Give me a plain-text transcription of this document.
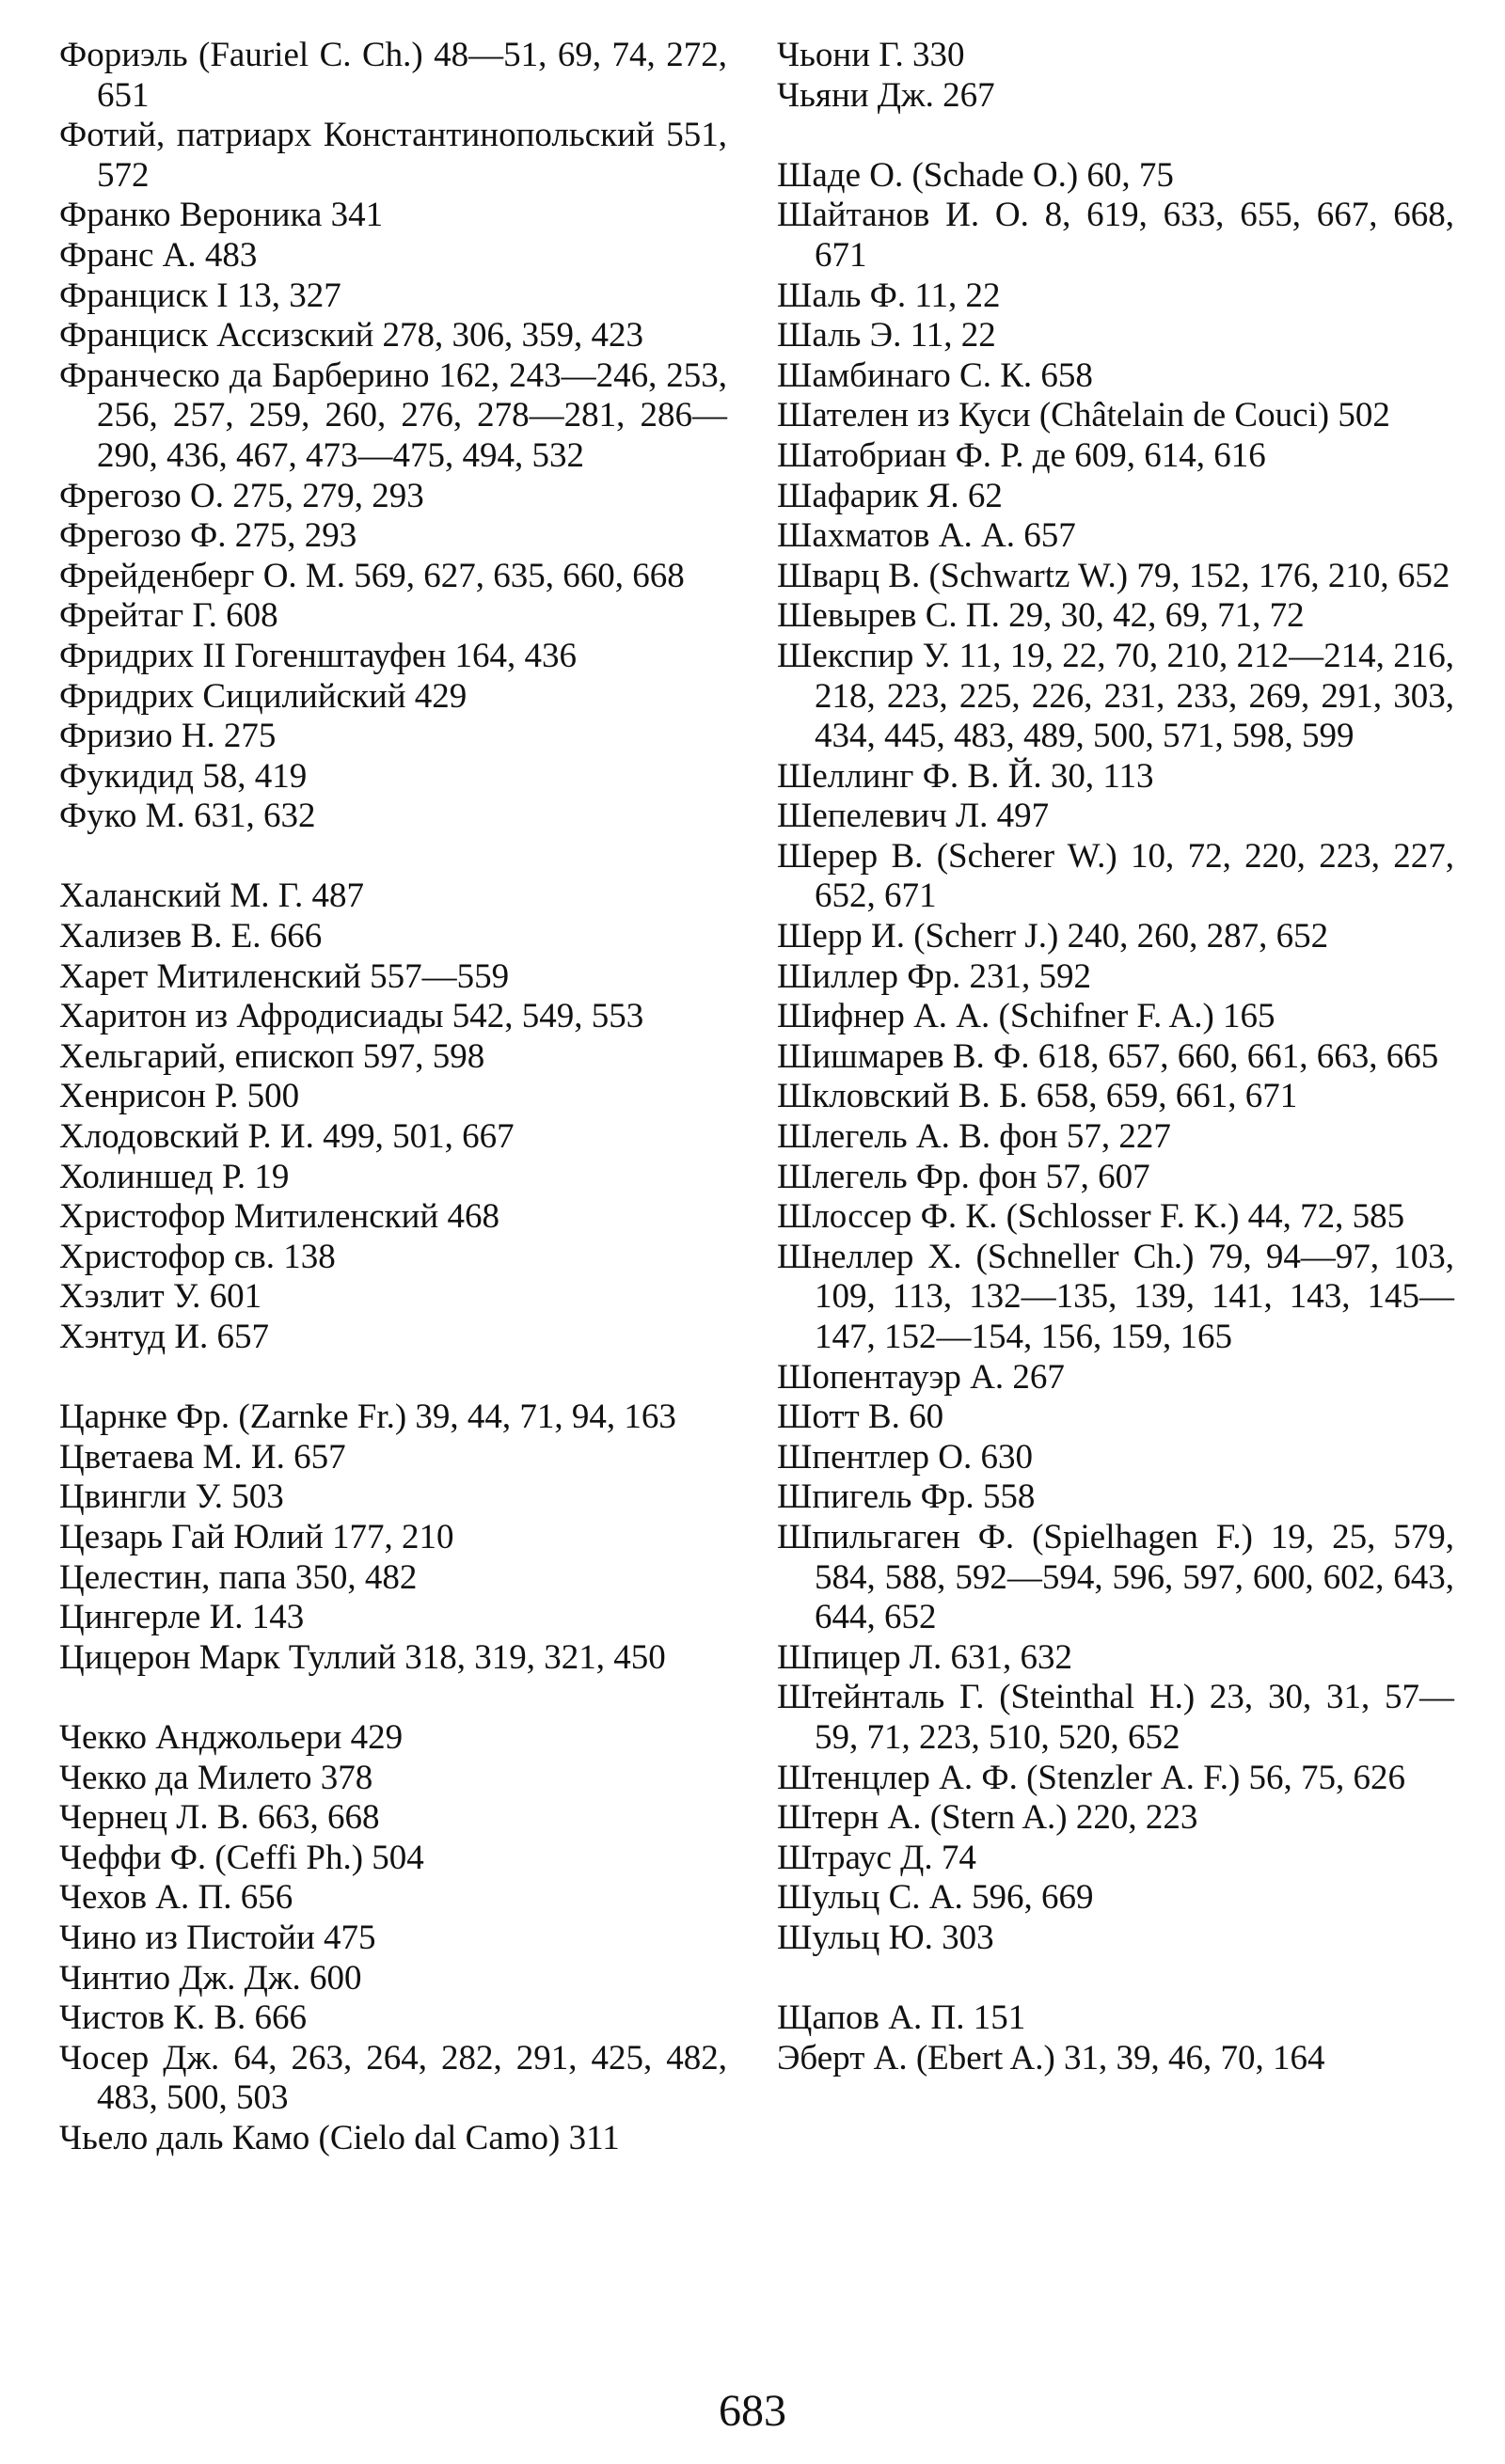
Фориэль (Fauriel C. Ch.) 48—51, 69, 74, 272, 651
Фотий, патриарх Константинопольский 551, 572
Франко Вероника 341
Франс А. 483
Франциск I 13, 327
Франциск Ассизский 278, 306, 359, 423
Франческо да Барберино 162, 243—246, 253, 256, 257, 259, 260, 276, 278—281, 286—290, 436, 467, 473—475, 494, 532
Фрегозо О. 275, 279, 293
Фрегозо Ф. 275, 293
Фрейденберг О. М. 569, 627, 635, 660, 668
Фрейтаг Г. 608
Фридрих II Гогенштауфен 164, 436
Фридрих Сицилийский 429
Фризио Н. 275
Фукидид 58, 419
Фуко М. 631, 632
Халанский М. Г. 487
Хализев В. Е. 666
Харет Митиленский 557—559
Харитон из Афродисиады 542, 549, 553
Хельгарий, епископ 597, 598
Хенрисон Р. 500
Хлодовский Р. И. 499, 501, 667
Холиншед Р. 19
Христофор Митиленский 468
Христофор св. 138
Хэзлит У. 601
Хэнтуд И. 657
Царнке Фр. (Zarnke Fr.) 39, 44, 71, 94, 163
Цветаева М. И. 657
Цвингли У. 503
Цезарь Гай Юлий 177, 210
Целестин, папа 350, 482
Цингерле И. 143
Цицерон Марк Туллий 318, 319, 321, 450
Чекко Анджольери 429
Чекко да Милето 378
Чернец Л. В. 663, 668
Чеффи Ф. (Ceffi Ph.) 504
Чехов А. П. 656
Чино из Пистойи 475
Чинтио Дж. Дж. 600
Чистов К. В. 666
Чосер Дж. 64, 263, 264, 282, 291, 425, 482, 483, 500, 503
Чьело даль Камо (Cielo dal Camo) 311
Чьони Г. 330
Чьяни Дж. 267
Шаде О. (Schade О.) 60, 75
Шайтанов И. О. 8, 619, 633, 655, 667, 668, 671
Шаль Ф. 11, 22
Шаль Э. 11, 22
Шамбинаго С. К. 658
Шателен из Куси (Châtelain de Couci) 502
Шатобриан Ф. Р. де 609, 614, 616
Шафарик Я. 62
Шахматов А. А. 657
Шварц В. (Schwartz W.) 79, 152, 176, 210, 652
Шевырев С. П. 29, 30, 42, 69, 71, 72
Шекспир У. 11, 19, 22, 70, 210, 212—214, 216, 218, 223, 225, 226, 231, 233, 269, 291, 303, 434, 445, 483, 489, 500, 571, 598, 599
Шеллинг Ф. В. Й. 30, 113
Шепелевич Л. 497
Шерер В. (Scherer W.) 10, 72, 220, 223, 227, 652, 671
Шерр И. (Scherr J.) 240, 260, 287, 652
Шиллер Фр. 231, 592
Шифнер А. А. (Schifner F. A.) 165
Шишмарев В. Ф. 618, 657, 660, 661, 663, 665
Шкловский В. Б. 658, 659, 661, 671
Шлегель А. В. фон 57, 227
Шлегель Фр. фон 57, 607
Шлоссер Ф. К. (Schlosser F. K.) 44, 72, 585
Шнеллер Х. (Schneller Ch.) 79, 94—97, 103, 109, 113, 132—135, 139, 141, 143, 145—147, 152—154, 156, 159, 165
Шопентауэр А. 267
Шотт В. 60
Шпентлер О. 630
Шпигель Фр. 558
Шпильгаген Ф. (Spielhagen F.) 19, 25, 579, 584, 588, 592—594, 596, 597, 600, 602, 643, 644, 652
Шпицер Л. 631, 632
Штейнталь Г. (Steinthal Н.) 23, 30, 31, 57—59, 71, 223, 510, 520, 652
Штенцлер А. Ф. (Stenzler А. F.) 56, 75, 626
Штерн А. (Stern A.) 220, 223
Штраус Д. 74
Шульц С. А. 596, 669
Шульц Ю. 303
Щапов А. П. 151
Эберт А. (Ebert A.) 31, 39, 46, 70, 164
683
